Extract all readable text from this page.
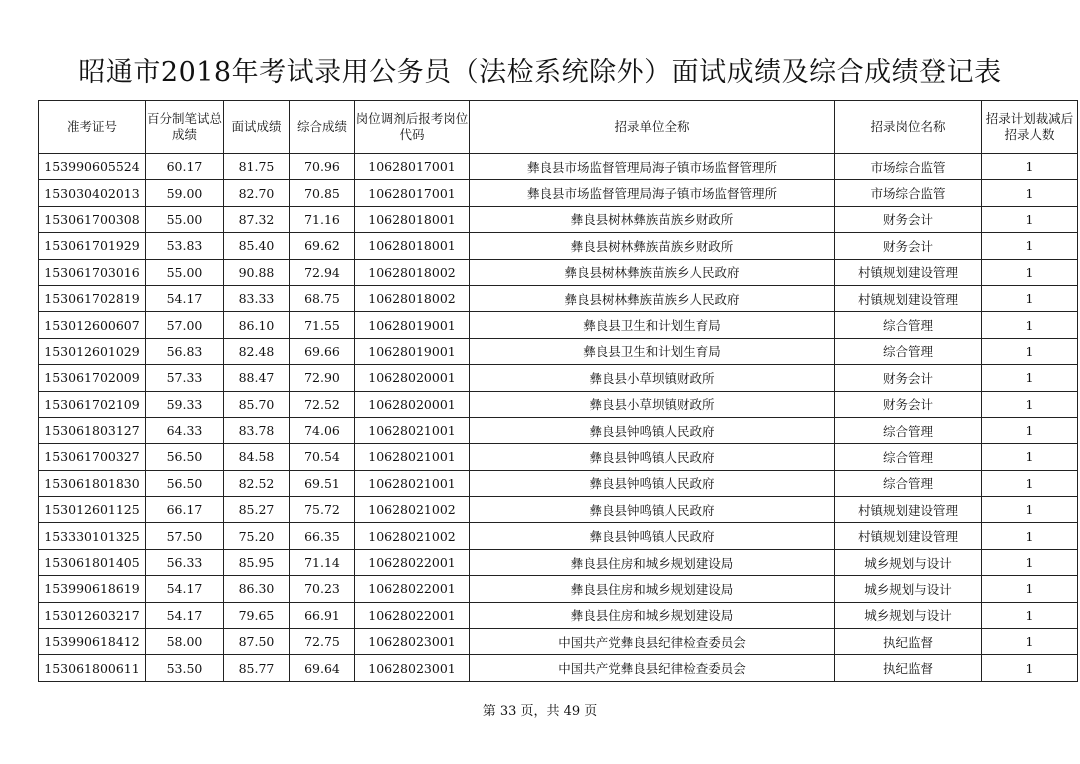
昭通市2018年考试录用公务员（法检系统除外）面试成绩及综合成绩登记表
准考证号	百分制笔试总成绩	面试成绩	综合成绩	岗位调剂后报考岗位代码	招录单位全称	招录岗位名称	招录计划裁减后招录人数
153990605524	60.17	81.75	70.96	10628017001	彝良县市场监督管理局海子镇市场监督管理所	市场综合监管	1
153030402013	59.00	82.70	70.85	10628017001	彝良县市场监督管理局海子镇市场监督管理所	市场综合监管	1
153061700308	55.00	87.32	71.16	10628018001	彝良县树林彝族苗族乡财政所	财务会计	1
153061701929	53.83	85.40	69.62	10628018001	彝良县树林彝族苗族乡财政所	财务会计	1
153061703016	55.00	90.88	72.94	10628018002	彝良县树林彝族苗族乡人民政府	村镇规划建设管理	1
153061702819	54.17	83.33	68.75	10628018002	彝良县树林彝族苗族乡人民政府	村镇规划建设管理	1
153012600607	57.00	86.10	71.55	10628019001	彝良县卫生和计划生育局	综合管理	1
153012601029	56.83	82.48	69.66	10628019001	彝良县卫生和计划生育局	综合管理	1
153061702009	57.33	88.47	72.90	10628020001	彝良县小草坝镇财政所	财务会计	1
153061702109	59.33	85.70	72.52	10628020001	彝良县小草坝镇财政所	财务会计	1
153061803127	64.33	83.78	74.06	10628021001	彝良县钟鸣镇人民政府	综合管理	1
153061700327	56.50	84.58	70.54	10628021001	彝良县钟鸣镇人民政府	综合管理	1
153061801830	56.50	82.52	69.51	10628021001	彝良县钟鸣镇人民政府	综合管理	1
153012601125	66.17	85.27	75.72	10628021002	彝良县钟鸣镇人民政府	村镇规划建设管理	1
153330101325	57.50	75.20	66.35	10628021002	彝良县钟鸣镇人民政府	村镇规划建设管理	1
153061801405	56.33	85.95	71.14	10628022001	彝良县住房和城乡规划建设局	城乡规划与设计	1
153990618619	54.17	86.30	70.23	10628022001	彝良县住房和城乡规划建设局	城乡规划与设计	1
153012603217	54.17	79.65	66.91	10628022001	彝良县住房和城乡规划建设局	城乡规划与设计	1
153990618412	58.00	87.50	72.75	10628023001	中国共产党彝良县纪律检查委员会	执纪监督	1
153061800611	53.50	85.77	69.64	10628023001	中国共产党彝良县纪律检查委员会	执纪监督	1
第 33 页，共 49 页
